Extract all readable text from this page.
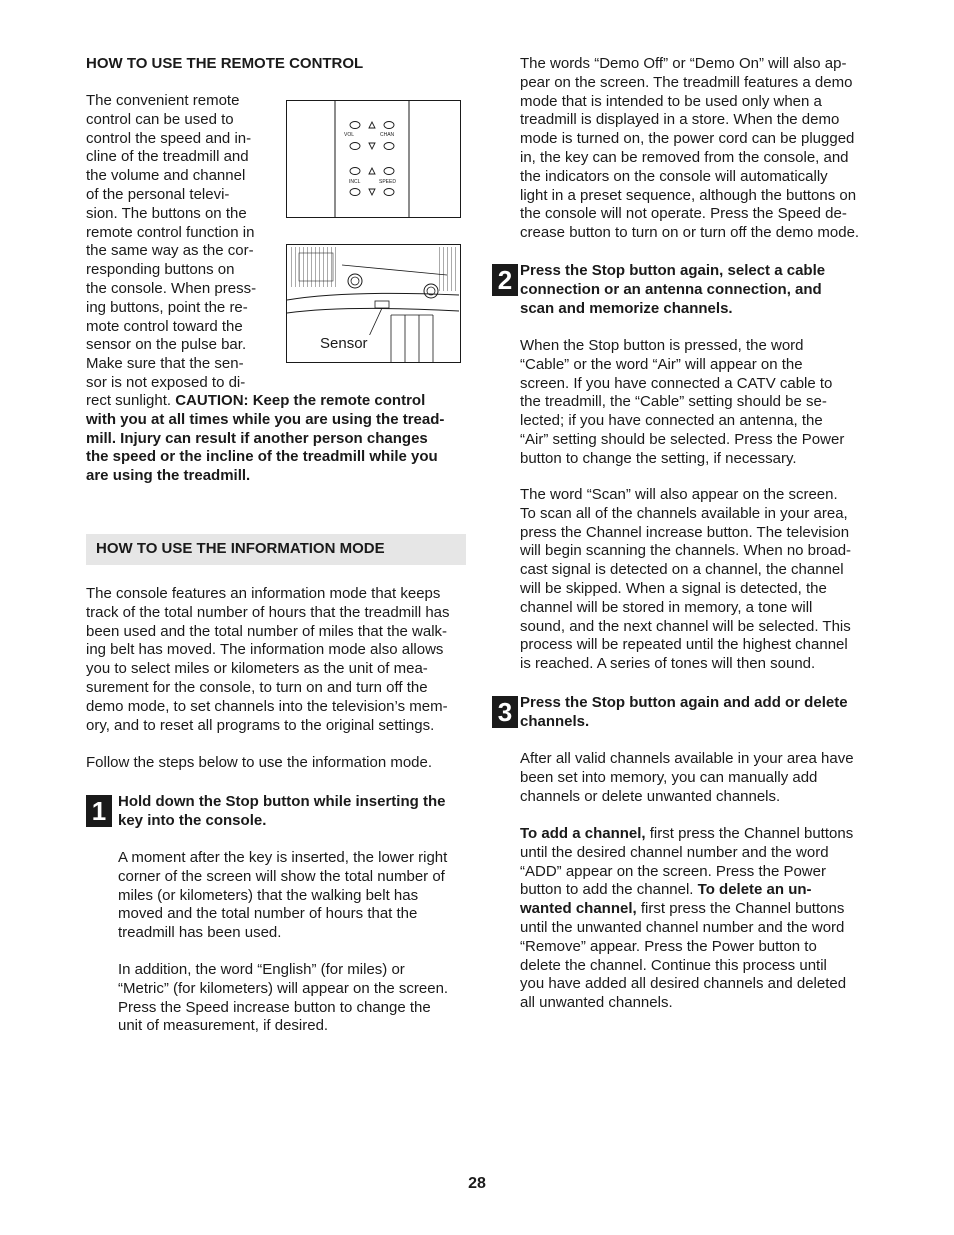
HOW TO USE THE REMOTE CONTROL
The convenient remote
control can be used to
control the speed and in-
cline of the treadmill and
the volume and channel
of the personal televi-
sion. The buttons on the
remote control function in
the same way as the cor-
responding buttons on
the console. When press-
ing buttons, point the re-
mote control toward the
sensor on the pulse bar.
Make sure that the sen-
sor is not exposed to di-
rect sunlight. CAUTION: Keep the remote control
with you at all times while you are using the tread-
mill. Injury can result if another person changes
the speed or the incline of the treadmill while you
are using the treadmill.
VOL	CHAN
INCL	SPEED
Sensor
HOW TO USE THE INFORMATION MODE
The console features an information mode that keeps
track of the total number of hours that the treadmill has
been used and the total number of miles that the walk-
ing belt has moved. The information mode also allows
you to select miles or kilometers as the unit of mea-
surement for the console, to turn on and turn off the
demo mode, to set channels into the television’s mem-
ory, and to reset all programs to the original settings.
Follow the steps below to use the information mode.
1 Hold down the Stop button while inserting the
key into the console.
A moment after the key is inserted, the lower right
corner of the screen will show the total number of
miles (or kilometers) that the walking belt has
moved and the total number of hours that the
treadmill has been used.
In addition, the word “English” (for miles) or
“Metric” (for kilometers) will appear on the screen.
Press the Speed increase button to change the
unit of measurement, if desired.
The words “Demo Off” or “Demo On” will also ap-
pear on the screen. The treadmill features a demo
mode that is intended to be used only when a
treadmill is displayed in a store. When the demo
mode is turned on, the power cord can be plugged
in, the key can be removed from the console, and
the indicators on the console will automatically
light in a preset sequence, although the buttons on
the console will not operate. Press the Speed de-
crease button to turn on or turn off the demo mode.
2 Press the Stop button again, select a cable
connection or an antenna connection, and
scan and memorize channels.
When the Stop button is pressed, the word
“Cable” or the word “Air” will appear on the
screen. If you have connected a CATV cable to
the treadmill, the “Cable” setting should be se-
lected; if you have connected an antenna, the
“Air” setting should be selected. Press the Power
button to change the setting, if necessary.
The word “Scan” will also appear on the screen.
To scan all of the channels available in your area,
press the Channel increase button. The television
will begin scanning the channels. When no broad-
cast signal is detected on a channel, the channel
will be skipped. When a signal is detected, the
channel will be stored in memory, a tone will
sound, and the next channel will be selected. This
process will be repeated until the highest channel
is reached. A series of tones will then sound.
3 Press the Stop button again and add or delete
channels.
After all valid channels available in your area have
been set into memory, you can manually add
channels or delete unwanted channels.
To add a channel, first press the Channel buttons
until the desired channel number and the word
“ADD” appear on the screen. Press the Power
button to add the channel. To delete an un-
wanted channel, first press the Channel buttons
until the unwanted channel number and the word
“Remove” appear. Press the Power button to
delete the channel. Continue this process until
you have added all desired channels and deleted
all unwanted channels.
28
